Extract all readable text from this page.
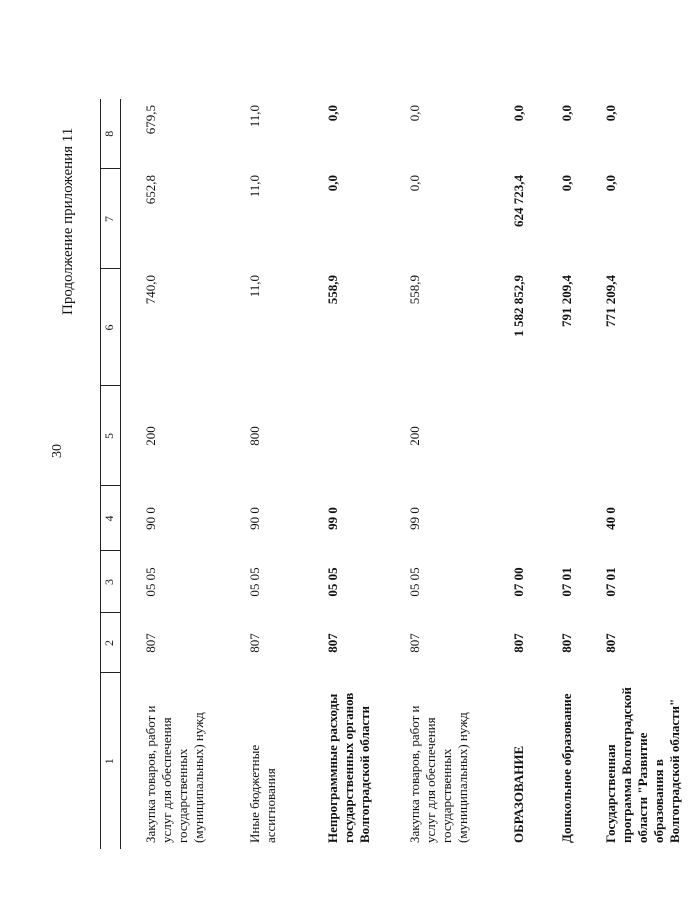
30
Продолжение приложения 11
1	2	3	4	5	6	7	8
Закупка товаров, работ и услуг для обеспечения государственных (муниципальных) нужд	807	05 05	90 0	200	740,0	652,8	679,5
Иные бюджетные ассигнования	807	05 05	90 0	800	11,0	11,0	11,0
Непрограммные расходы государственных органов Волгоградской области	807	05 05	99 0		558,9	0,0	0,0
Закупка товаров, работ и услуг для обеспечения государственных (муниципальных) нужд	807	05 05	99 0	200	558,9	0,0	0,0
ОБРАЗОВАНИЕ	807	07 00			1 582 852,9	624 723,4	0,0
Дошкольное образование	807	07 01			791 209,4	0,0	0,0
Государственная программа Волгоградской области "Развитие образования в Волгоградской области"	807	07 01	40 0		771 209,4	0,0	0,0
